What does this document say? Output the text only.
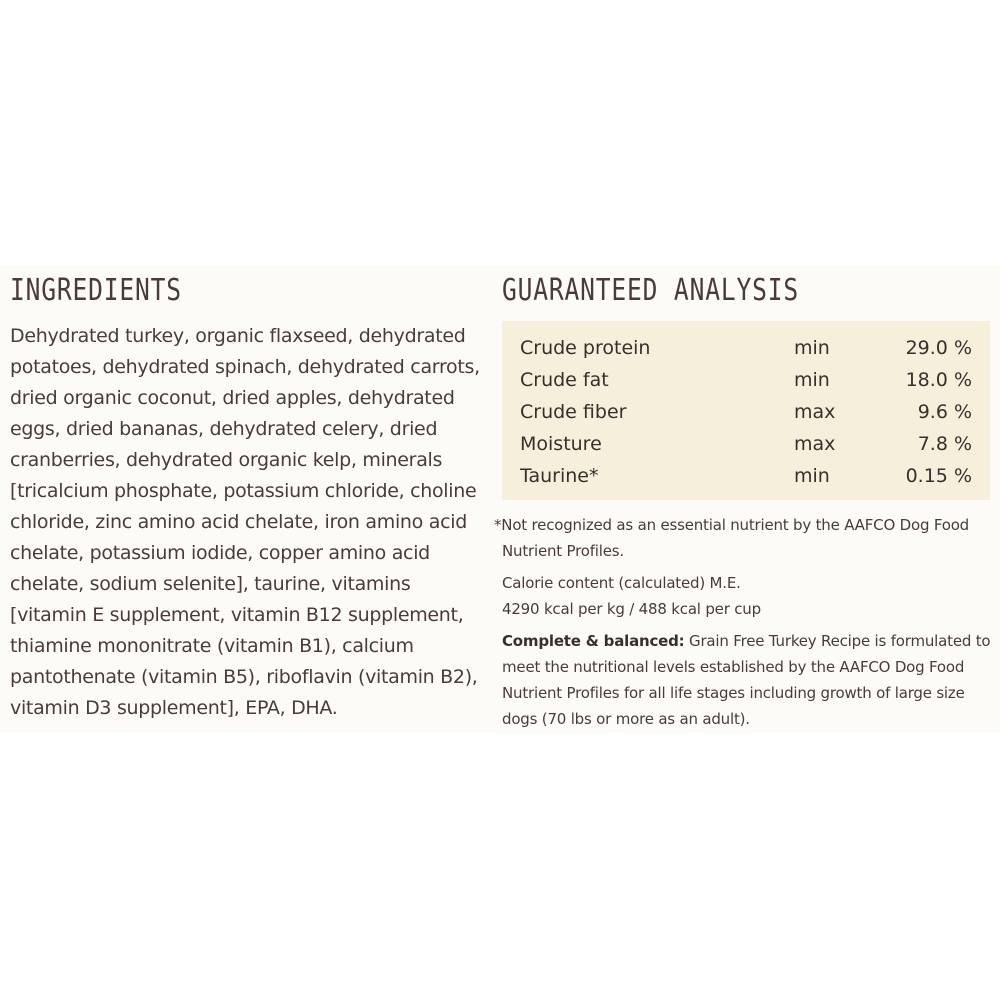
INGREDIENTS

Dehydrated turkey, organic flaxseed, dehydrated potatoes, dehydrated spinach, dehydrated carrots, dried organic coconut, dried apples, dehydrated eggs, dried bananas, dehydrated celery, dried cranberries, dehydrated organic kelp, minerals [tricalcium phosphate, potassium chloride, choline chloride, zinc amino acid chelate, iron amino acid chelate, potassium iodide, copper amino acid chelate, sodium selenite], taurine, vitamins [vitamin E supplement, vitamin B12 supplement, thiamine mononitrate (vitamin B1), calcium pantothenate (vitamin B5), riboflavin (vitamin B2), vitamin D3 supplement], EPA, DHA.

GUARANTEED ANALYSIS
Crude protein	min	29.0 %
Crude fat	min	18.0 %
Crude fiber	max	9.6 %
Moisture	max	7.8 %
Taurine*	min	0.15 %
*Not recognized as an essential nutrient by the AAFCO Dog Food
Nutrient Profiles.
Calorie content (calculated) M.E.
4290 kcal per kg / 488 kcal per cup
Complete & balanced: Grain Free Turkey Recipe is formulated to meet the nutritional levels established by the AAFCO Dog Food Nutrient Profiles for all life stages including growth of large size dogs (70 lbs or more as an adult).
